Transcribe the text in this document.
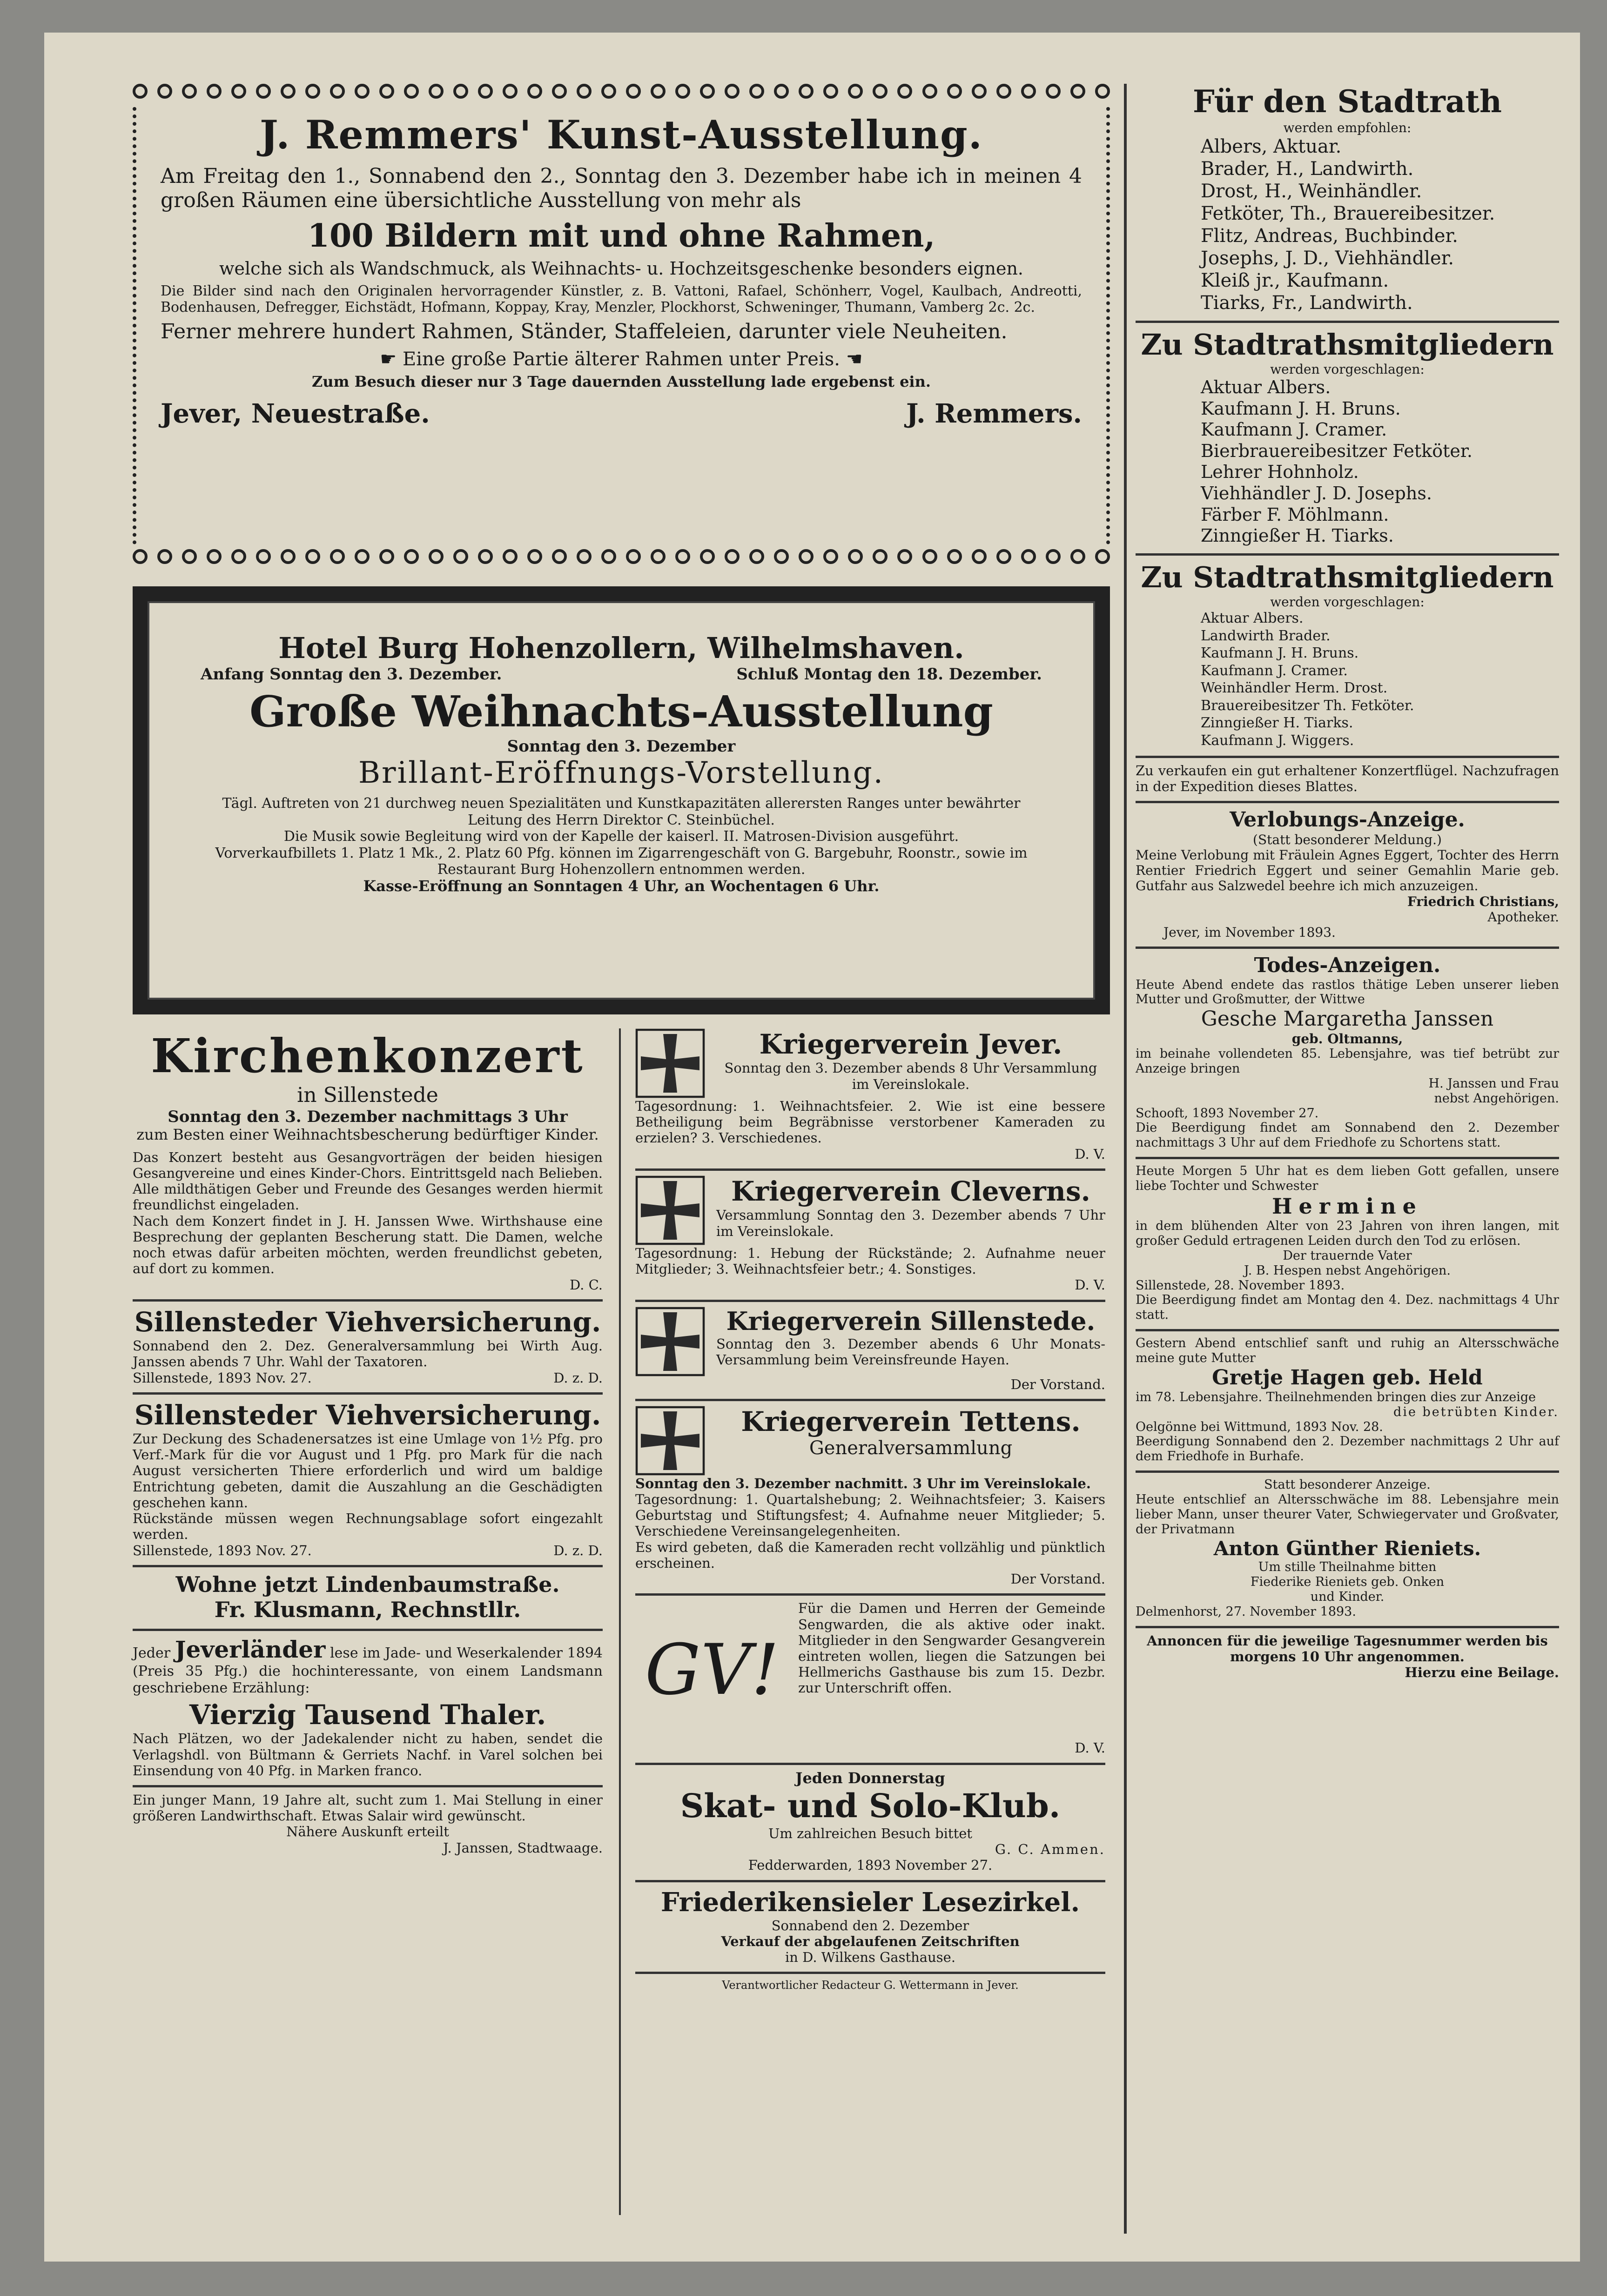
J. Remmers' Kunst-Ausstellung.

Am Freitag den 1., Sonnabend den 2., Sonntag den 3. Dezember habe ich in meinen 4 großen Räumen eine übersichtliche Ausstellung von mehr als

100 Bildern mit und ohne Rahmen,

welche sich als Wandschmuck, als Weihnachts- u. Hochzeitsgeschenke besonders eignen.

Die Bilder sind nach den Originalen hervorragender Künstler, z. B. Vattoni, Rafael, Schönherr, Vogel, Kaulbach, Andreotti, Bodenhausen, Defregger, Eichstädt, Hofmann, Koppay, Kray, Menzler, Plockhorst, Schweninger, Thumann, Vamberg 2c. 2c.

Ferner mehrere hundert Rahmen, Ständer, Staffeleien, darunter viele Neuheiten.

☛ Eine große Partie älterer Rahmen unter Preis. ☚

Zum Besuch dieser nur 3 Tage dauernden Ausstellung lade ergebenst ein.

Jever, Neuestraße.	J. Remmers.

Hotel Burg Hohenzollern, Wilhelmshaven.

Anfang Sonntag den 3. Dezember.	Schluß Montag den 18. Dezember.

Große Weihnachts-Ausstellung

Sonntag den 3. Dezember

Brillant-Eröffnungs-Vorstellung.

Tägl. Auftreten von 21 durchweg neuen Spezialitäten und Kunstkapazitäten allerersten Ranges unter bewährter Leitung des Herrn Direktor C. Steinbüchel.

Die Musik sowie Begleitung wird von der Kapelle der kaiserl. II. Matrosen-Division ausgeführt.

Vorverkaufbillets 1. Platz 1 Mk., 2. Platz 60 Pfg. können im Zigarrengeschäft von G. Bargebuhr, Roonstr., sowie im Restaurant Burg Hohenzollern entnommen werden.

Kasse-Eröffnung an Sonntagen 4 Uhr, an Wochentagen 6 Uhr.

Kirchenkonzert

in Sillenstede

Sonntag den 3. Dezember nachmittags 3 Uhr

zum Besten einer Weihnachtsbescherung bedürftiger Kinder.

Das Konzert besteht aus Gesangvorträgen der beiden hiesigen Gesangvereine und eines Kinder-Chors. Eintrittsgeld nach Belieben. Alle mildthätigen Geber und Freunde des Gesanges werden hiermit freundlichst eingeladen.

Nach dem Konzert findet in J. H. Janssen Wwe. Wirthshause eine Besprechung der geplanten Bescherung statt. Die Damen, welche noch etwas dafür arbeiten möchten, werden freundlichst gebeten, auf dort zu kommen.

D. C.

Sillensteder Viehversicherung.

Sonnabend den 2. Dez. Generalversammlung bei Wirth Aug. Janssen abends 7 Uhr. Wahl der Taxatoren.

Sillenstede, 1893 Nov. 27.	D. z. D.

Sillensteder Viehversicherung.

Zur Deckung des Schadenersatzes ist eine Umlage von 1½ Pfg. pro Verf.-Mark für die vor August und 1 Pfg. pro Mark für die nach August versicherten Thiere erforderlich und wird um baldige Entrichtung gebeten, damit die Auszahlung an die Geschädigten geschehen kann.

Rückstände müssen wegen Rechnungsablage sofort eingezahlt werden.

Sillenstede, 1893 Nov. 27.	D. z. D.

Wohne jetzt Lindenbaumstraße.

Fr. Klusmann, Rechnstllr.

Jeder Jeverländer lese im Jade- und Weserkalender 1894 (Preis 35 Pfg.) die hochinteressante, von einem Landsmann geschriebene Erzählung:

Vierzig Tausend Thaler.

Nach Plätzen, wo der Jadekalender nicht zu haben, sendet die Verlagshdl. von Bültmann & Gerriets Nachf. in Varel solchen bei Einsendung von 40 Pfg. in Marken franco.

Ein junger Mann, 19 Jahre alt, sucht zum 1. Mai Stellung in einer größeren Landwirthschaft. Etwas Salair wird gewünscht.

Nähere Auskunft erteilt

J. Janssen, Stadtwaage.

Kriegerverein Jever.

Sonntag den 3. Dezember abends 8 Uhr Versammlung im Vereinslokale.

Tagesordnung: 1. Weihnachtsfeier. 2. Wie ist eine bessere Betheiligung beim Begräbnisse verstorbener Kameraden zu erzielen? 3. Verschiedenes.

D. V.

Kriegerverein Cleverns.

Versammlung Sonntag den 3. Dezember abends 7 Uhr im Vereinslokale.

Tagesordnung: 1. Hebung der Rückstände; 2. Aufnahme neuer Mitglieder; 3. Weihnachtsfeier betr.; 4. Sonstiges.

D. V.

Kriegerverein Sillenstede.

Sonntag den 3. Dezember abends 6 Uhr Monats-Versammlung beim Vereinsfreunde Hayen.

Der Vorstand.

Kriegerverein Tettens.

Generalversammlung

Sonntag den 3. Dezember nachmitt. 3 Uhr im Vereinslokale.

Tagesordnung: 1. Quartalshebung; 2. Weihnachtsfeier; 3. Kaisers Geburtstag und Stiftungsfest; 4. Aufnahme neuer Mitglieder; 5. Verschiedene Vereinsangelegenheiten.

Es wird gebeten, daß die Kameraden recht vollzählig und pünktlich erscheinen.

Der Vorstand.

GV!

Für die Damen und Herren der Gemeinde Sengwarden, die als aktive oder inakt. Mitglieder in den Sengwarder Gesangverein eintreten wollen, liegen die Satzungen bei Hellmerichs Gasthause bis zum 15. Dezbr. zur Unterschrift offen.

D. V.

Jeden Donnerstag

Skat- und Solo-Klub.

Um zahlreichen Besuch bittet

G. C. Ammen.

Fedderwarden, 1893 November 27.

Friederikensieler Lesezirkel.

Sonnabend den 2. Dezember

Verkauf der abgelaufenen Zeitschriften

in D. Wilkens Gasthause.

Verantwortlicher Redacteur G. Wettermann in Jever.

Für den Stadtrath

werden empfohlen:

Albers, Aktuar.
Brader, H., Landwirth.
Drost, H., Weinhändler.
Fetköter, Th., Brauereibesitzer.
Flitz, Andreas, Buchbinder.
Josephs, J. D., Viehhändler.
Kleiß jr., Kaufmann.
Tiarks, Fr., Landwirth.

Zu Stadtrathsmitgliedern

werden vorgeschlagen:

Aktuar Albers.
Kaufmann J. H. Bruns.
Kaufmann J. Cramer.
Bierbrauereibesitzer Fetköter.
Lehrer Hohnholz.
Viehhändler J. D. Josephs.
Färber F. Möhlmann.
Zinngießer H. Tiarks.

Zu Stadtrathsmitgliedern

werden vorgeschlagen:

Aktuar Albers.
Landwirth Brader.
Kaufmann J. H. Bruns.
Kaufmann J. Cramer.
Weinhändler Herm. Drost.
Brauereibesitzer Th. Fetköter.
Zinngießer H. Tiarks.
Kaufmann J. Wiggers.

Zu verkaufen ein gut erhaltener Konzertflügel. Nachzufragen in der Expedition dieses Blattes.

Verlobungs-Anzeige.

(Statt besonderer Meldung.)

Meine Verlobung mit Fräulein Agnes Eggert, Tochter des Herrn Rentier Friedrich Eggert und seiner Gemahlin Marie geb. Gutfahr aus Salzwedel beehre ich mich anzuzeigen.

Friedrich Christians,

Apotheker.

Jever, im November 1893.

Todes-Anzeigen.

Heute Abend endete das rastlos thätige Leben unserer lieben Mutter und Großmutter, der Wittwe

Gesche Margaretha Janssen

geb. Oltmanns,

im beinahe vollendeten 85. Lebensjahre, was tief betrübt zur Anzeige bringen

H. Janssen und Frau

nebst Angehörigen.

Schooft, 1893 November 27.

Die Beerdigung findet am Sonnabend den 2. Dezember nachmittags 3 Uhr auf dem Friedhofe zu Schortens statt.

Heute Morgen 5 Uhr hat es dem lieben Gott gefallen, unsere liebe Tochter und Schwester

Hermine

in dem blühenden Alter von 23 Jahren von ihren langen, mit großer Geduld ertragenen Leiden durch den Tod zu erlösen.

Der trauernde Vater

J. B. Hespen nebst Angehörigen.

Sillenstede, 28. November 1893.

Die Beerdigung findet am Montag den 4. Dez. nachmittags 4 Uhr statt.

Gestern Abend entschlief sanft und ruhig an Altersschwäche meine gute Mutter

Gretje Hagen geb. Held

im 78. Lebensjahre. Theilnehmenden bringen dies zur Anzeige

die betrübten Kinder.

Oelgönne bei Wittmund, 1893 Nov. 28.

Beerdigung Sonnabend den 2. Dezember nachmittags 2 Uhr auf dem Friedhofe in Burhafe.

Statt besonderer Anzeige.

Heute entschlief an Altersschwäche im 88. Lebensjahre mein lieber Mann, unser theurer Vater, Schwiegervater und Großvater, der Privatmann

Anton Günther Rieniets.

Um stille Theilnahme bitten

Fiederike Rieniets geb. Onken

und Kinder.

Delmenhorst, 27. November 1893.

Annoncen für die jeweilige Tagesnummer werden bis morgens 10 Uhr angenommen.

Hierzu eine Beilage.
